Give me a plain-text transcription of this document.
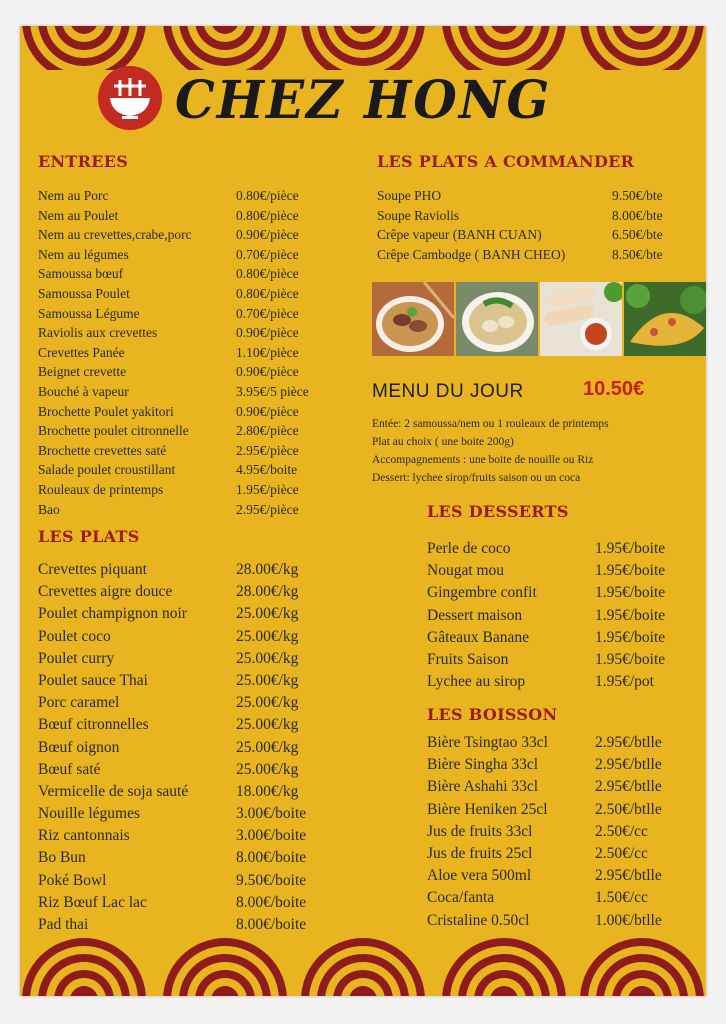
CHEZ HONG
ENTREES
Nem au Porc	0.80€/pièce
Nem au Poulet	0.80€/pièce
Nem au crevettes,crabe,porc	0.90€/pièce
Nem au légumes	0.70€/pièce
Samoussa bœuf	0.80€/pièce
Samoussa Poulet	0.80€/pièce
Samoussa Légume	0.70€/pièce
Raviolis aux crevettes	0.90€/pièce
Crevettes Panée	1.10€/pièce
Beignet crevette	0.90€/pièce
Bouché à vapeur	3.95€/5 pièce
Brochette Poulet yakitori	0.90€/pièce
Brochette poulet citronnelle	2.80€/pièce
Brochette crevettes saté	2.95€/pièce
Salade poulet croustillant	4.95€/boite
Rouleaux de printemps	1.95€/pièce
Bao	2.95€/pièce
LES PLATS
Crevettes piquant	28.00€/kg
Crevettes aigre douce	28.00€/kg
Poulet champignon noir	25.00€/kg
Poulet coco	25.00€/kg
Poulet curry	25.00€/kg
Poulet sauce Thai	25.00€/kg
Porc caramel	25.00€/kg
Bœuf citronnelles	25.00€/kg
Bœuf oignon	25.00€/kg
Bœuf saté	25.00€/kg
Vermicelle de soja sauté	18.00€/kg
Nouille légumes	3.00€/boite
Riz cantonnais	3.00€/boite
Bo Bun	8.00€/boite
Poké Bowl	9.50€/boite
Riz Bœuf Lac lac	8.00€/boite
Pad thai	8.00€/boite
LES PLATS A COMMANDER
Soupe PHO	9.50€/bte
Soupe Raviolis	8.00€/bte
Crêpe vapeur (BANH CUAN)	6.50€/bte
Crêpe Cambodge ( BANH CHEO)	8.50€/bte
MENU DU JOUR	10.50€
Entée: 2 samoussa/nem ou 1 rouleaux de printemps
Plat au choix ( une boite 200g)
Accompagnements : une boite de nouille ou Riz
Dessert: lychee sirop/fruits saison ou un coca
LES DESSERTS
Perle de coco	1.95€/boite
Nougat mou	1.95€/boite
Gingembre confit	1.95€/boite
Dessert maison	1.95€/boite
Gâteaux Banane	1.95€/boite
Fruits Saison	1.95€/boite
Lychee au sirop	1.95€/pot
LES BOISSON
Bière Tsingtao 33cl	2.95€/btlle
Bière Singha 33cl	2.95€/btlle
Bière Ashahi 33cl	2.95€/btlle
Bière Heniken 25cl	2.50€/btlle
Jus de fruits 33cl	2.50€/cc
Jus de fruits 25cl	2.50€/cc
Aloe vera 500ml	2.95€/btlle
Coca/fanta	1.50€/cc
Cristaline 0.50cl	1.00€/btlle
